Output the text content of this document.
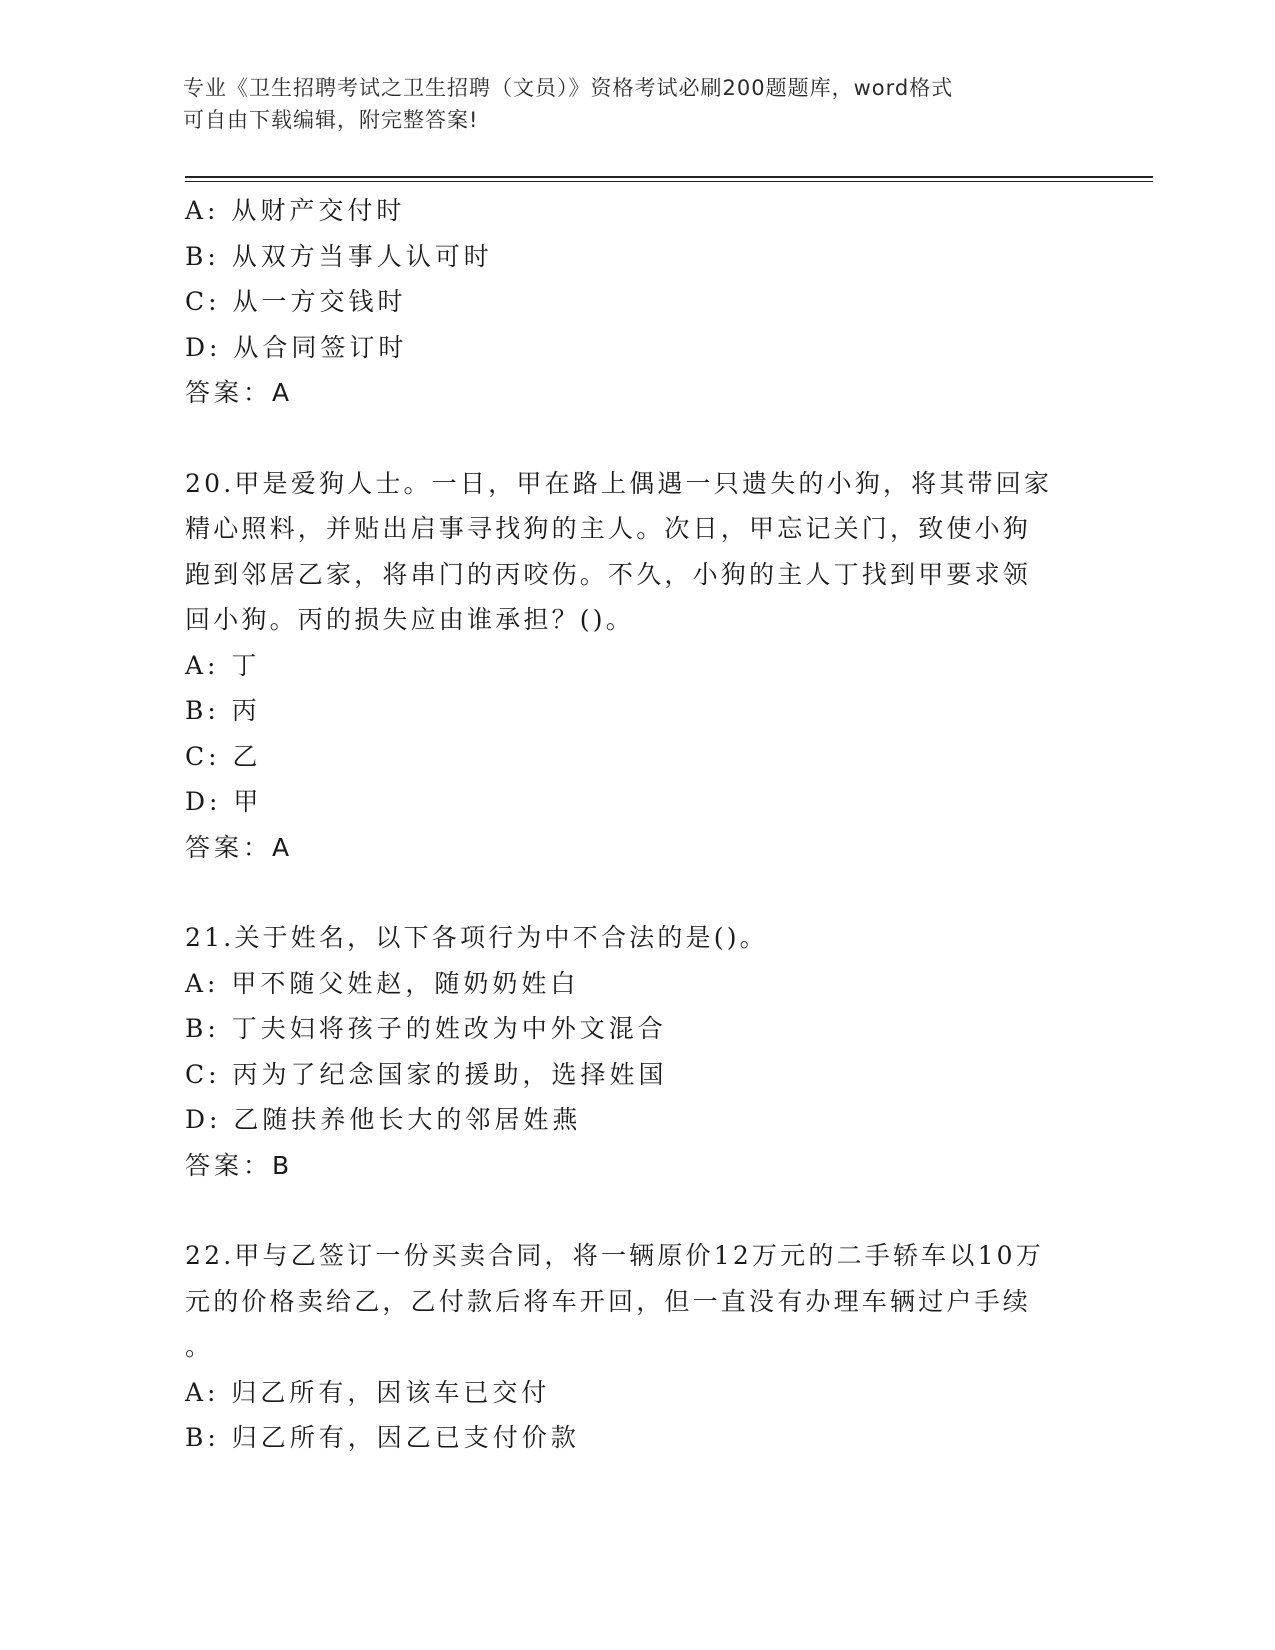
专业《卫生招聘考试之卫生招聘（文员）》资格考试必刷200题题库，word格式
可自由下载编辑，附完整答案!
A: 从财产交付时
B: 从双方当事人认可时
C: 从一方交钱时
D: 从合同签订时
答案：A
20.甲是爱狗人士。一日，甲在路上偶遇一只遗失的小狗，将其带回家
精心照料，并贴出启事寻找狗的主人。次日，甲忘记关门，致使小狗
跑到邻居乙家，将串门的丙咬伤。不久，小狗的主人丁找到甲要求领
回小狗。丙的损失应由谁承担？()。
A: 丁
B: 丙
C: 乙
D: 甲
答案：A
21.关于姓名，以下各项行为中不合法的是()。
A: 甲不随父姓赵，随奶奶姓白
B: 丁夫妇将孩子的姓改为中外文混合
C: 丙为了纪念国家的援助，选择姓国
D: 乙随扶养他长大的邻居姓燕
答案：B
22.甲与乙签订一份买卖合同，将一辆原价12万元的二手轿车以10万
元的价格卖给乙，乙付款后将车开回，但一直没有办理车辆过户手续
。
A: 归乙所有，因该车已交付
B: 归乙所有，因乙已支付价款
